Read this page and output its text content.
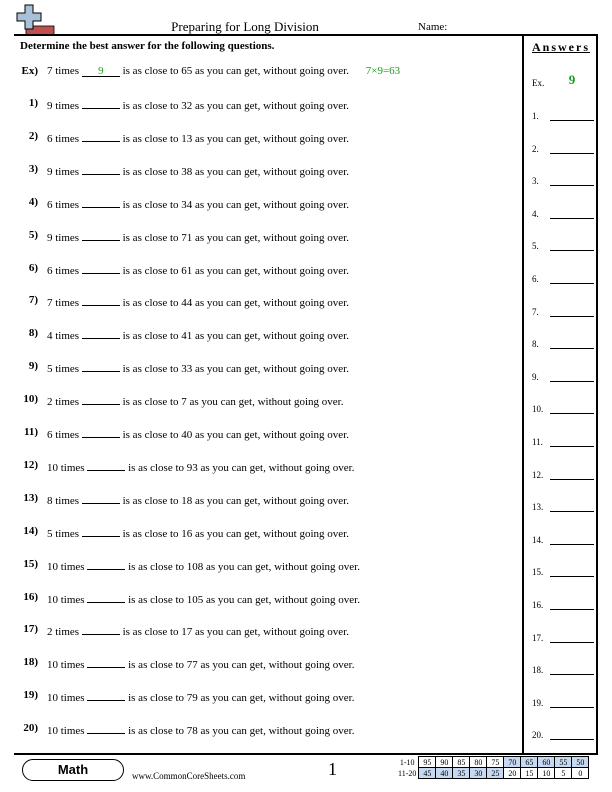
Preparing for Long Division	Name:
Determine the best answer for the following questions.
Ex) 7 times 9 is as close to 65 as you can get, without going over. 7×9=63
1) 9 times	is as close to 32 as you can get, without going over.
2) 6 times	is as close to 13 as you can get, without going over.
3) 9 times	is as close to 38 as you can get, without going over.
4) 6 times	is as close to 34 as you can get, without going over.
5) 9 times	is as close to 71 as you can get, without going over.
6) 6 times	is as close to 61 as you can get, without going over.
7) 7 times	is as close to 44 as you can get, without going over.
8) 4 times	is as close to 41 as you can get, without going over.
9) 5 times	is as close to 33 as you can get, without going over.
10) 2 times	is as close to 7 as you can get, without going over.
11) 6 times	is as close to 40 as you can get, without going over.
12) 10 times	is as close to 93 as you can get, without going over.
13) 8 times	is as close to 18 as you can get, without going over.
14) 5 times	is as close to 16 as you can get, without going over.
15) 10 times	is as close to 108 as you can get, without going over.
16) 10 times	is as close to 105 as you can get, without going over.
17) 2 times	is as close to 17 as you can get, without going over.
18) 10 times	is as close to 77 as you can get, without going over.
19) 10 times	is as close to 79 as you can get, without going over.
20) 10 times	is as close to 78 as you can get, without going over.
Answers
Ex.	9
1.
2.
3.
4.
5.
6.
7.
8.
9.
10.
11.
12.
13.
14.
15.
16.
17.
18.
19.
20.
Math	www.CommonCoreSheets.com	1	1-10	95	90	85	80	75	70	65	60	55	50
11-20	45	40	35	30	25	20	15	10	5	0
